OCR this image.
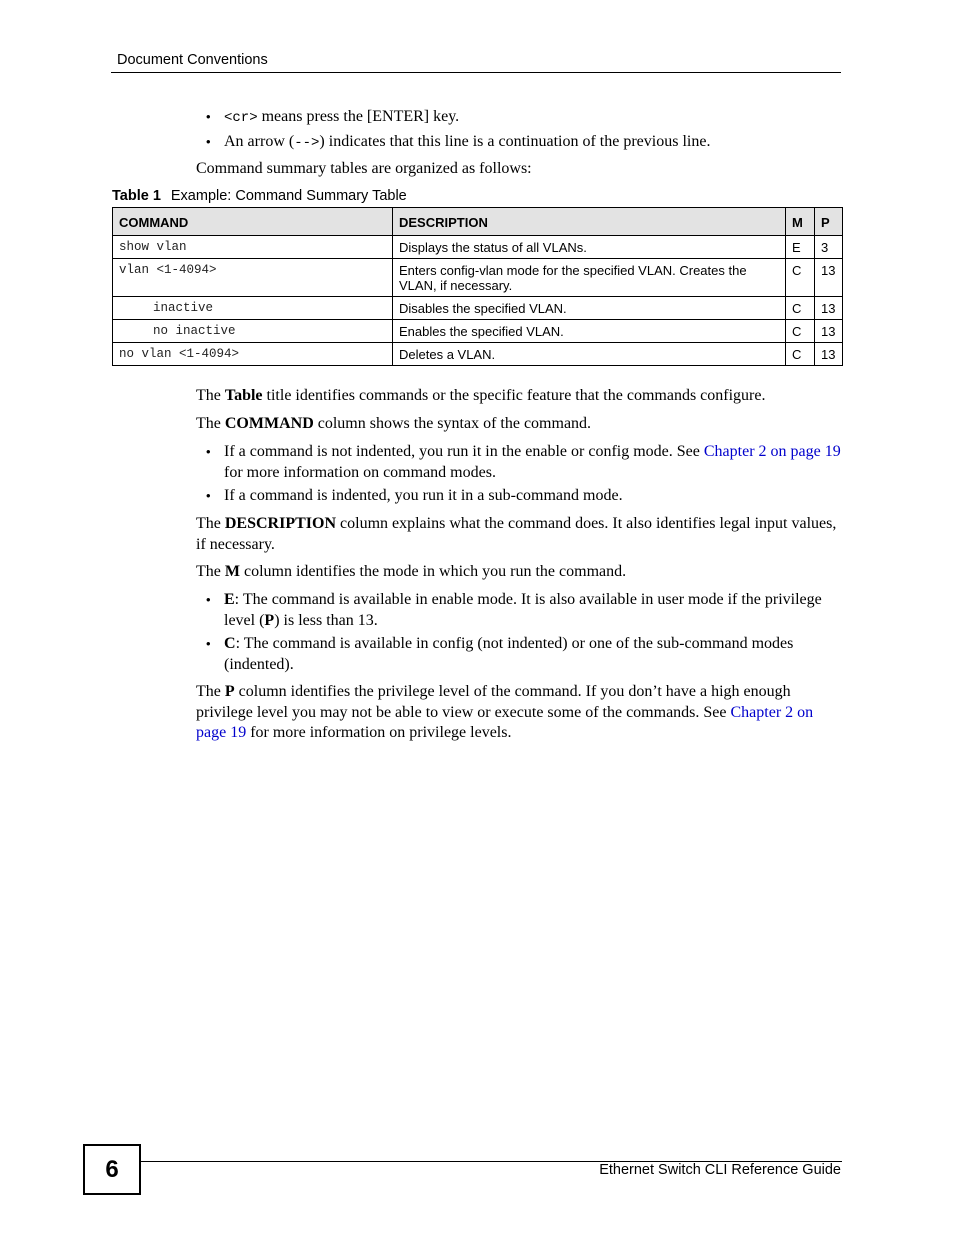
Document Conventions
• <cr> means press the [ENTER] key.
• An arrow (-->) indicates that this line is a continuation of the previous line.

Command summary tables are organized as follows:

Table 1 Example: Command Summary Table
COMMAND	DESCRIPTION	M	P
show vlan	Displays the status of all VLANs.	E	3
vlan <1-4094>	Enters config-vlan mode for the specified VLAN. Creates the VLAN, if necessary.	C	13
inactive	Disables the specified VLAN.	C	13
no inactive	Enables the specified VLAN.	C	13
no vlan <1-4094>	Deletes a VLAN.	C	13

The Table title identifies commands or the specific feature that the commands configure.

The COMMAND column shows the syntax of the command.

• If a command is not indented, you run it in the enable or config mode. See Chapter 2 on page 19 for more information on command modes.
• If a command is indented, you run it in a sub-command mode.

The DESCRIPTION column explains what the command does. It also identifies legal input values, if necessary.

The M column identifies the mode in which you run the command.

• E: The command is available in enable mode. It is also available in user mode if the privilege level (P) is less than 13.
• C: The command is available in config (not indented) or one of the sub-command modes (indented).

The P column identifies the privilege level of the command. If you don’t have a high enough privilege level you may not be able to view or execute some of the commands. See Chapter 2 on page 19 for more information on privilege levels.

6	Ethernet Switch CLI Reference Guide
